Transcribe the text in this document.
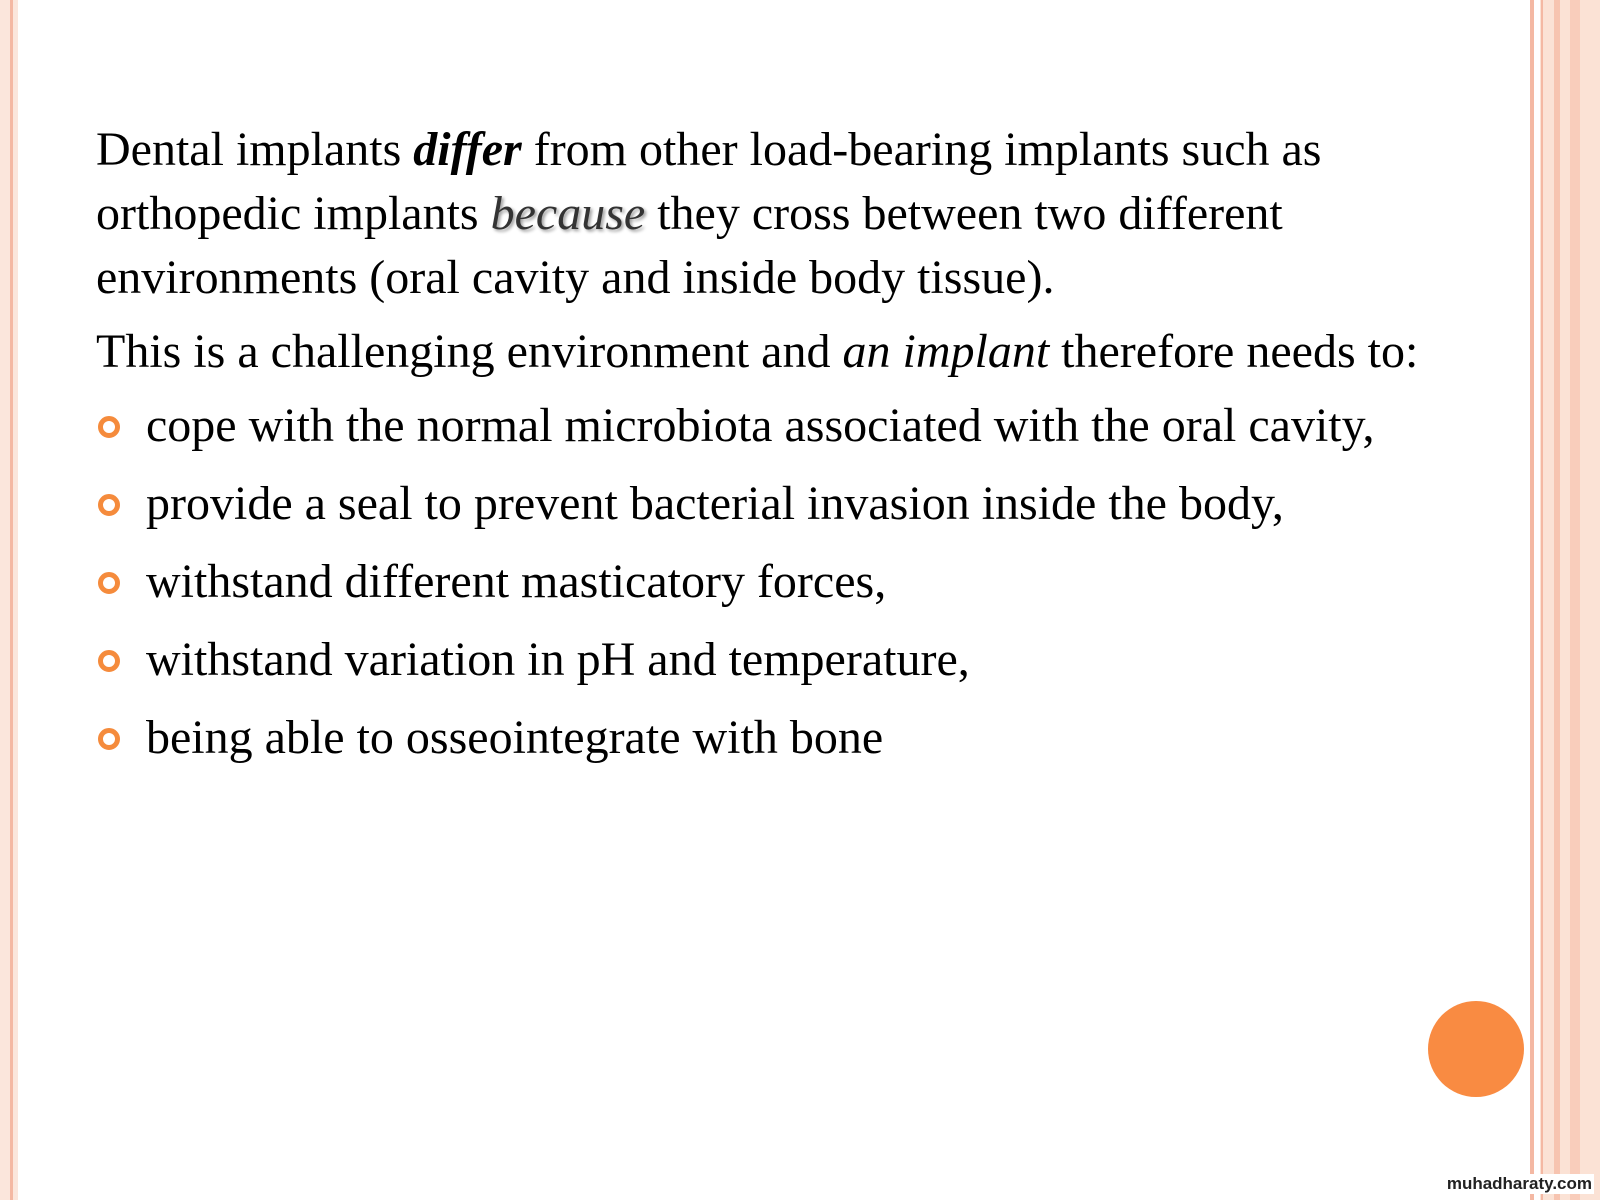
Dental implants differ from other load-bearing implants such as orthopedic implants because they cross between two different environments (oral cavity and inside body tissue).

This is a challenging environment and an implant therefore needs to:

cope with the normal microbiota associated with the oral cavity,
provide a seal to prevent bacterial invasion inside the body,
withstand different masticatory forces,
withstand variation in pH and temperature,
being able to osseointegrate with bone
muhadharaty.com
